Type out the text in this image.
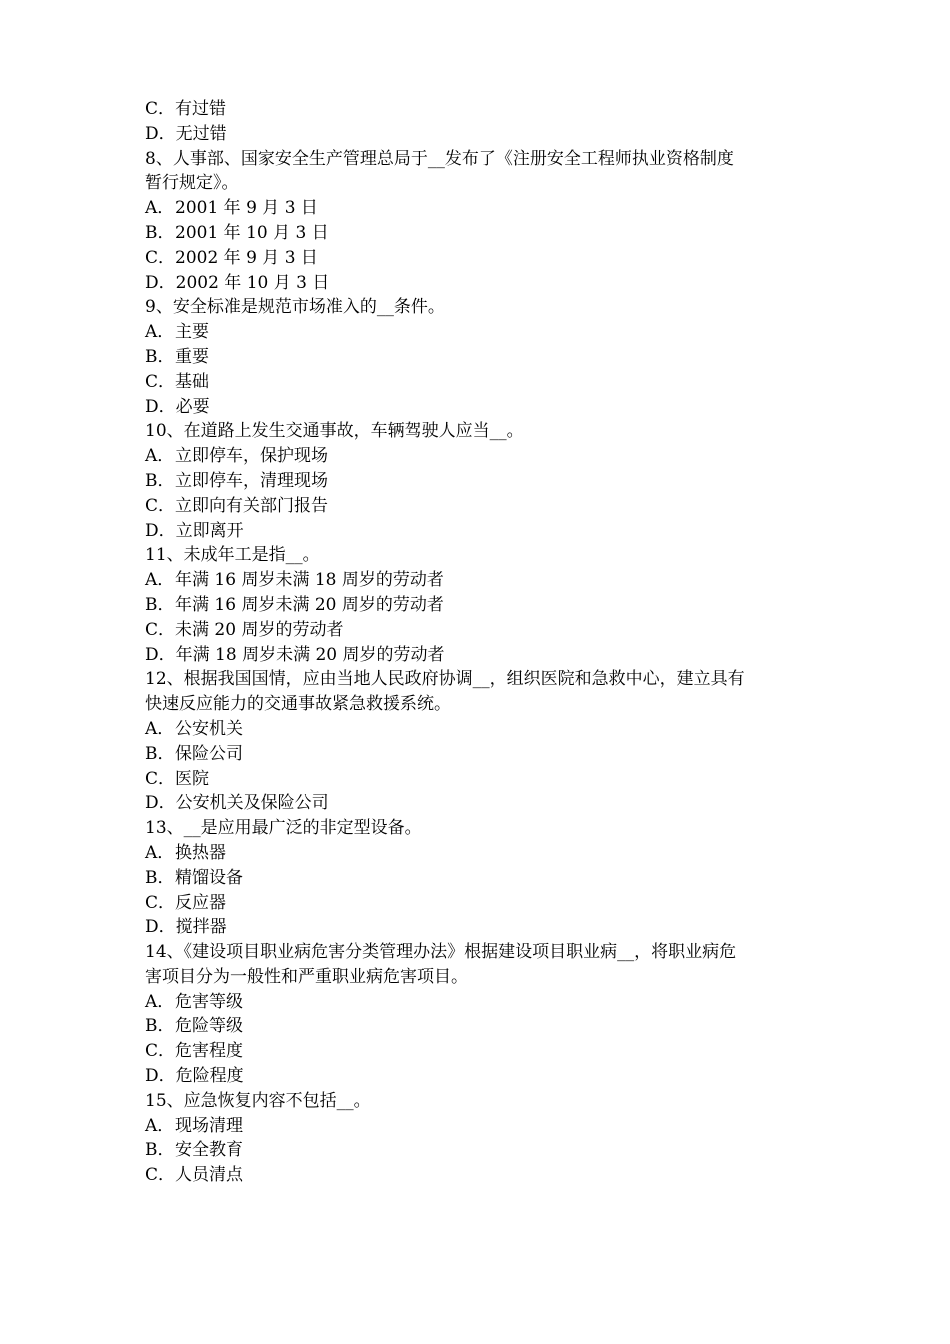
C．有过错
D．无过错
8、人事部、国家安全生产管理总局于__发布了《注册安全工程师执业资格制度
暂行规定》。
A．2001 年 9 月 3 日
B．2001 年 10 月 3 日
C．2002 年 9 月 3 日
D．2002 年 10 月 3 日
9、安全标准是规范市场准入的__条件。
A．主要
B．重要
C．基础
D．必要
10、在道路上发生交通事故，车辆驾驶人应当__。
A．立即停车，保护现场
B．立即停车，清理现场
C．立即向有关部门报告
D．立即离开
11、未成年工是指__。
A．年满 16 周岁未满 18 周岁的劳动者
B．年满 16 周岁未满 20 周岁的劳动者
C．未满 20 周岁的劳动者
D．年满 18 周岁未满 20 周岁的劳动者
12、根据我国国情，应由当地人民政府协调__，组织医院和急救中心，建立具有
快速反应能力的交通事故紧急救援系统。
A．公安机关
B．保险公司
C．医院
D．公安机关及保险公司
13、__是应用最广泛的非定型设备。
A．换热器
B．精馏设备
C．反应器
D．搅拌器
14、《建设项目职业病危害分类管理办法》根据建设项目职业病__，将职业病危
害项目分为一般性和严重职业病危害项目。
A．危害等级
B．危险等级
C．危害程度
D．危险程度
15、应急恢复内容不包括__。
A．现场清理
B．安全教育
C．人员清点
